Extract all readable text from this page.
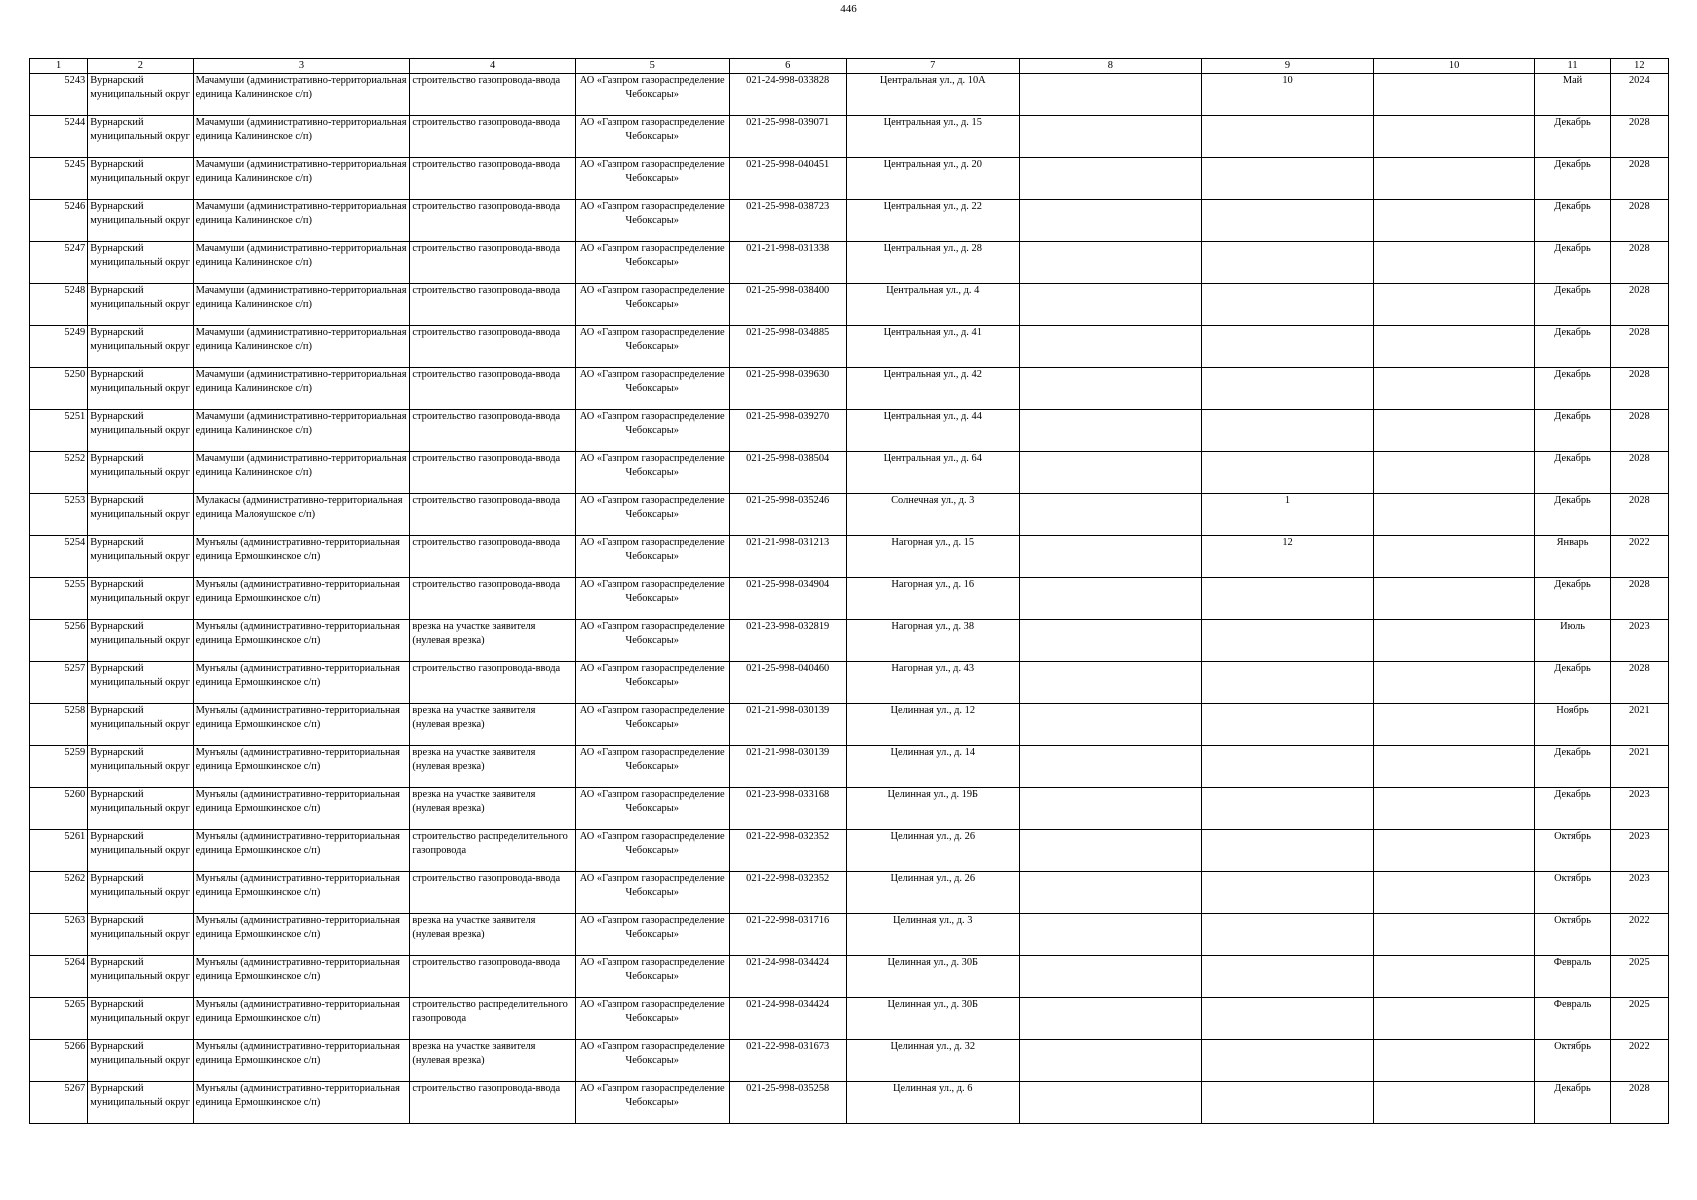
446
1	2	3	4	5	6	7	8	9	10	11	12

5243	Вурнарский муниципальный округ	Мачамуши (административно-территориальная единица Калининское с/п)	строительство газопровода-ввода	АО «Газпром газораспределение Чебоксары»	021-24-998-033828	Центральная ул., д. 10А		10		Май	2024

5244	Вурнарский муниципальный округ	Мачамуши (административно-территориальная единица Калининское с/п)	строительство газопровода-ввода	АО «Газпром газораспределение Чебоксары»	021-25-998-039071	Центральная ул., д. 15				Декабрь	2028

5245	Вурнарский муниципальный округ	Мачамуши (административно-территориальная единица Калининское с/п)	строительство газопровода-ввода	АО «Газпром газораспределение Чебоксары»	021-25-998-040451	Центральная ул., д. 20				Декабрь	2028

5246	Вурнарский муниципальный округ	Мачамуши (административно-территориальная единица Калининское с/п)	строительство газопровода-ввода	АО «Газпром газораспределение Чебоксары»	021-25-998-038723	Центральная ул., д. 22				Декабрь	2028

5247	Вурнарский муниципальный округ	Мачамуши (административно-территориальная единица Калининское с/п)	строительство газопровода-ввода	АО «Газпром газораспределение Чебоксары»	021-21-998-031338	Центральная ул., д. 28				Декабрь	2028

5248	Вурнарский муниципальный округ	Мачамуши (административно-территориальная единица Калининское с/п)	строительство газопровода-ввода	АО «Газпром газораспределение Чебоксары»	021-25-998-038400	Центральная ул., д. 4				Декабрь	2028

5249	Вурнарский муниципальный округ	Мачамуши (административно-территориальная единица Калининское с/п)	строительство газопровода-ввода	АО «Газпром газораспределение Чебоксары»	021-25-998-034885	Центральная ул., д. 41				Декабрь	2028

5250	Вурнарский муниципальный округ	Мачамуши (административно-территориальная единица Калининское с/п)	строительство газопровода-ввода	АО «Газпром газораспределение Чебоксары»	021-25-998-039630	Центральная ул., д. 42				Декабрь	2028

5251	Вурнарский муниципальный округ	Мачамуши (административно-территориальная единица Калининское с/п)	строительство газопровода-ввода	АО «Газпром газораспределение Чебоксары»	021-25-998-039270	Центральная ул., д. 44				Декабрь	2028

5252	Вурнарский муниципальный округ	Мачамуши (административно-территориальная единица Калининское с/п)	строительство газопровода-ввода	АО «Газпром газораспределение Чебоксары»	021-25-998-038504	Центральная ул., д. 64				Декабрь	2028

5253	Вурнарский муниципальный округ	Мулакасы (административно-территориальная единица Малояушское с/п)	строительство газопровода-ввода	АО «Газпром газораспределение Чебоксары»	021-25-998-035246	Солнечная ул., д. 3		1		Декабрь	2028

5254	Вурнарский муниципальный округ	Мунъялы (административно-территориальная единица Ермошкинское с/п)	строительство газопровода-ввода	АО «Газпром газораспределение Чебоксары»	021-21-998-031213	Нагорная ул., д. 15		12		Январь	2022

5255	Вурнарский муниципальный округ	Мунъялы (административно-территориальная единица Ермошкинское с/п)	строительство газопровода-ввода	АО «Газпром газораспределение Чебоксары»	021-25-998-034904	Нагорная ул., д. 16				Декабрь	2028

5256	Вурнарский муниципальный округ	Мунъялы (административно-территориальная единица Ермошкинское с/п)	врезка на участке заявителя (нулевая врезка)	АО «Газпром газораспределение Чебоксары»	021-23-998-032819	Нагорная ул., д. 38				Июль	2023

5257	Вурнарский муниципальный округ	Мунъялы (административно-территориальная единица Ермошкинское с/п)	строительство газопровода-ввода	АО «Газпром газораспределение Чебоксары»	021-25-998-040460	Нагорная ул., д. 43				Декабрь	2028

5258	Вурнарский муниципальный округ	Мунъялы (административно-территориальная единица Ермошкинское с/п)	врезка на участке заявителя (нулевая врезка)	АО «Газпром газораспределение Чебоксары»	021-21-998-030139	Целинная ул., д. 12				Ноябрь	2021

5259	Вурнарский муниципальный округ	Мунъялы (административно-территориальная единица Ермошкинское с/п)	врезка на участке заявителя (нулевая врезка)	АО «Газпром газораспределение Чебоксары»	021-21-998-030139	Целинная ул., д. 14				Декабрь	2021

5260	Вурнарский муниципальный округ	Мунъялы (административно-территориальная единица Ермошкинское с/п)	врезка на участке заявителя (нулевая врезка)	АО «Газпром газораспределение Чебоксары»	021-23-998-033168	Целинная ул., д. 19Б				Декабрь	2023

5261	Вурнарский муниципальный округ	Мунъялы (административно-территориальная единица Ермошкинское с/п)	строительство распределительного газопровода	АО «Газпром газораспределение Чебоксары»	021-22-998-032352	Целинная ул., д. 26				Октябрь	2023

5262	Вурнарский муниципальный округ	Мунъялы (административно-территориальная единица Ермошкинское с/п)	строительство газопровода-ввода	АО «Газпром газораспределение Чебоксары»	021-22-998-032352	Целинная ул., д. 26				Октябрь	2023

5263	Вурнарский муниципальный округ	Мунъялы (административно-территориальная единица Ермошкинское с/п)	врезка на участке заявителя (нулевая врезка)	АО «Газпром газораспределение Чебоксары»	021-22-998-031716	Целинная ул., д. 3				Октябрь	2022

5264	Вурнарский муниципальный округ	Мунъялы (административно-территориальная единица Ермошкинское с/п)	строительство газопровода-ввода	АО «Газпром газораспределение Чебоксары»	021-24-998-034424	Целинная ул., д. 30Б				Февраль	2025

5265	Вурнарский муниципальный округ	Мунъялы (административно-территориальная единица Ермошкинское с/п)	строительство распределительного газопровода	АО «Газпром газораспределение Чебоксары»	021-24-998-034424	Целинная ул., д. 30Б				Февраль	2025

5266	Вурнарский муниципальный округ	Мунъялы (административно-территориальная единица Ермошкинское с/п)	врезка на участке заявителя (нулевая врезка)	АО «Газпром газораспределение Чебоксары»	021-22-998-031673	Целинная ул., д. 32				Октябрь	2022

5267	Вурнарский муниципальный округ	Мунъялы (административно-территориальная единица Ермошкинское с/п)	строительство газопровода-ввода	АО «Газпром газораспределение Чебоксары»	021-25-998-035258	Целинная ул., д. 6				Декабрь	2028
